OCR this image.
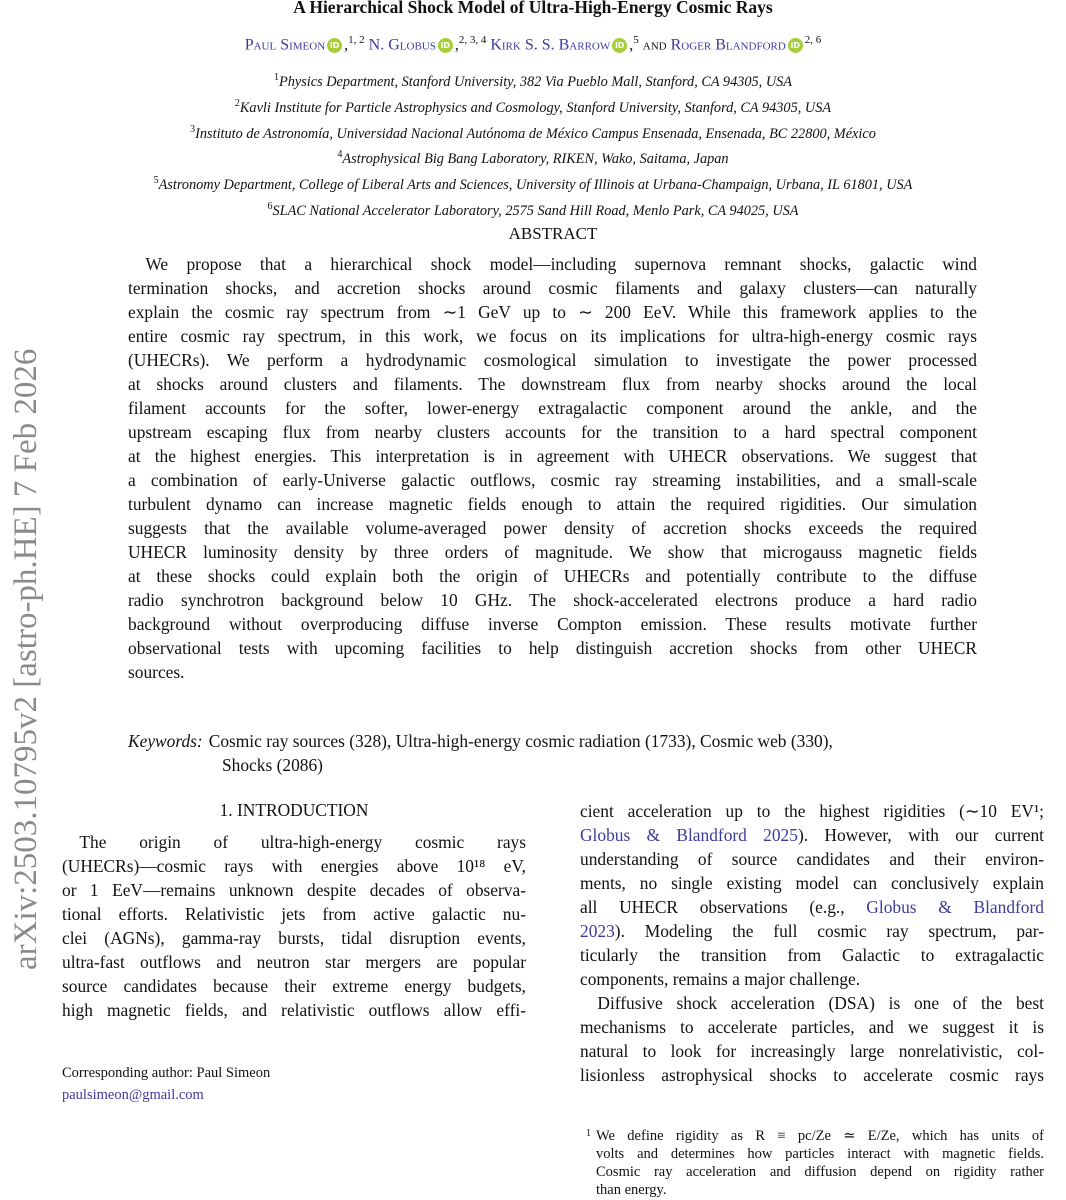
arXiv:2503.10795v2 [astro-ph.HE] 7 Feb 2026
A Hierarchical Shock Model of Ultra-High-Energy Cosmic Rays
Paul Simeon iD ,$^{1, 2}$ N. Globus iD ,$^{2, 3, 4}$ Kirk S. S. Barrow iD ,$^5$ and Roger Blandford iD $^{2, 6}$
$^1$Physics Department, Stanford University, 382 Via Pueblo Mall, Stanford, CA 94305, USA
$^2$Kavli Institute for Particle Astrophysics and Cosmology, Stanford University, Stanford, CA 94305, USA
$^3$Instituto de Astronomía, Universidad Nacional Autónoma de México Campus Ensenada, Ensenada, BC 22800, México
$^4$Astrophysical Big Bang Laboratory, RIKEN, Wako, Saitama, Japan
$^5$Astronomy Department, College of Liberal Arts and Sciences, University of Illinois at Urbana-Champaign, Urbana, IL 61801, USA
$^6$SLAC National Accelerator Laboratory, 2575 Sand Hill Road, Menlo Park, CA 94025, USA
ABSTRACT
 We propose that a hierarchical shock model—including supernova remnant shocks, galactic wind
termination shocks, and accretion shocks around cosmic filaments and galaxy clusters—can naturally
explain the cosmic ray spectrum from ∼1 GeV up to ∼ 200 EeV. While this framework applies to the
entire cosmic ray spectrum, in this work, we focus on its implications for ultra-high-energy cosmic rays
(UHECRs). We perform a hydrodynamic cosmological simulation to investigate the power processed
at shocks around clusters and filaments. The downstream flux from nearby shocks around the local
filament accounts for the softer, lower-energy extragalactic component around the ankle, and the
upstream escaping flux from nearby clusters accounts for the transition to a hard spectral component
at the highest energies. This interpretation is in agreement with UHECR observations. We suggest that
a combination of early-Universe galactic outflows, cosmic ray streaming instabilities, and a small-scale
turbulent dynamo can increase magnetic fields enough to attain the required rigidities. Our simulation
suggests that the available volume-averaged power density of accretion shocks exceeds the required
UHECR luminosity density by three orders of magnitude. We show that microgauss magnetic fields
at these shocks could explain both the origin of UHECRs and potentially contribute to the diffuse
radio synchrotron background below 10 GHz. The shock-accelerated electrons produce a hard radio
background without overproducing diffuse inverse Compton emission. These results motivate further
observational tests with upcoming facilities to help distinguish accretion shocks from other UHECR
sources.
Keywords: Cosmic ray sources (328), Ultra-high-energy cosmic radiation (1733), Cosmic web (330),
Shocks (2086)
1. INTRODUCTION
 The origin of ultra-high-energy cosmic rays
(UHECRs)—cosmic rays with energies above 10¹⁸ eV,
or 1 EeV—remains unknown despite decades of observa-
tional efforts. Relativistic jets from active galactic nu-
clei (AGNs), gamma-ray bursts, tidal disruption events,
ultra-fast outflows and neutron star mergers are popular
source candidates because their extreme energy budgets,
high magnetic fields, and relativistic outflows allow effi-
cient acceleration up to the highest rigidities (∼10 EV¹;
Globus & Blandford 2025). However, with our current
understanding of source candidates and their environ-
ments, no single existing model can conclusively explain
all UHECR observations (e.g., Globus & Blandford
2023). Modeling the full cosmic ray spectrum, par-
ticularly the transition from Galactic to extragalactic
components, remains a major challenge.
 Diffusive shock acceleration (DSA) is one of the best
mechanisms to accelerate particles, and we suggest it is
natural to look for increasingly large nonrelativistic, col-
lisionless astrophysical shocks to accelerate cosmic rays
Corresponding author: Paul Simeon
paulsimeon@gmail.com
1 We define rigidity as R ≡ pc/Ze ≃ E/Ze, which has units of
volts and determines how particles interact with magnetic fields.
Cosmic ray acceleration and diffusion depend on rigidity rather
than energy.
